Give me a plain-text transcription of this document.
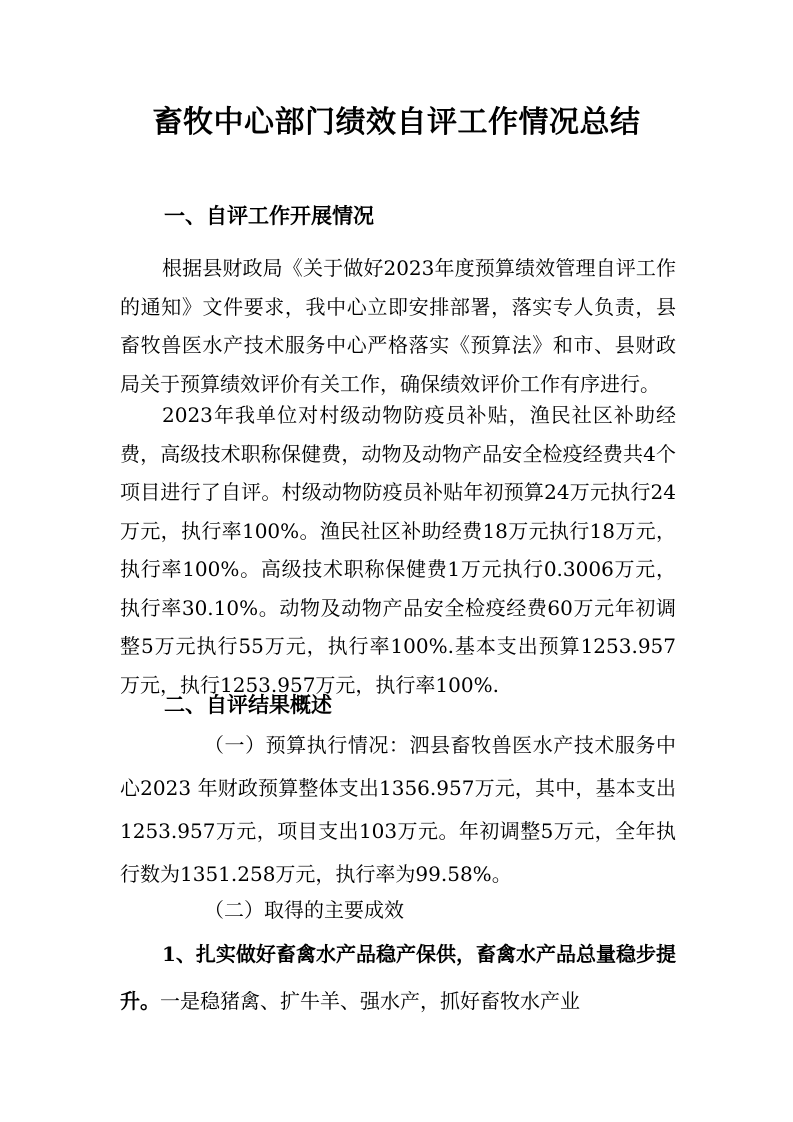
畜牧中心部门绩效自评工作情况总结
一、自评工作开展情况

根据县财政局《关于做好2023年度预算绩效管理自评工作的通知》文件要求，我中心立即安排部署，落实专人负责，县畜牧兽医水产技术服务中心严格落实《预算法》和市、县财政局关于预算绩效评价有关工作，确保绩效评价工作有序进行。

2023年我单位对村级动物防疫员补贴，渔民社区补助经费，高级技术职称保健费，动物及动物产品安全检疫经费共4个项目进行了自评。村级动物防疫员补贴年初预算24万元执行24万元，执行率100%。渔民社区补助经费18万元执行18万元，执行率100%。高级技术职称保健费1万元执行0.3006万元，执行率30.10%。动物及动物产品安全检疫经费60万元年初调整5万元执行55万元，执行率100%.基本支出预算1253.957万元，执行1253.957万元，执行率100%.

二、自评结果概述

（一）预算执行情况：泗县畜牧兽医水产技术服务中心2023 年财政预算整体支出1356.957万元，其中，基本支出1253.957万元，项目支出103万元。年初调整5万元，全年执行数为1351.258万元，执行率为99.58%。

（二）取得的主要成效

1、扎实做好畜禽水产品稳产保供，畜禽水产品总量稳步提升。一是稳猪禽、扩牛羊、强水产，抓好畜牧水产业
